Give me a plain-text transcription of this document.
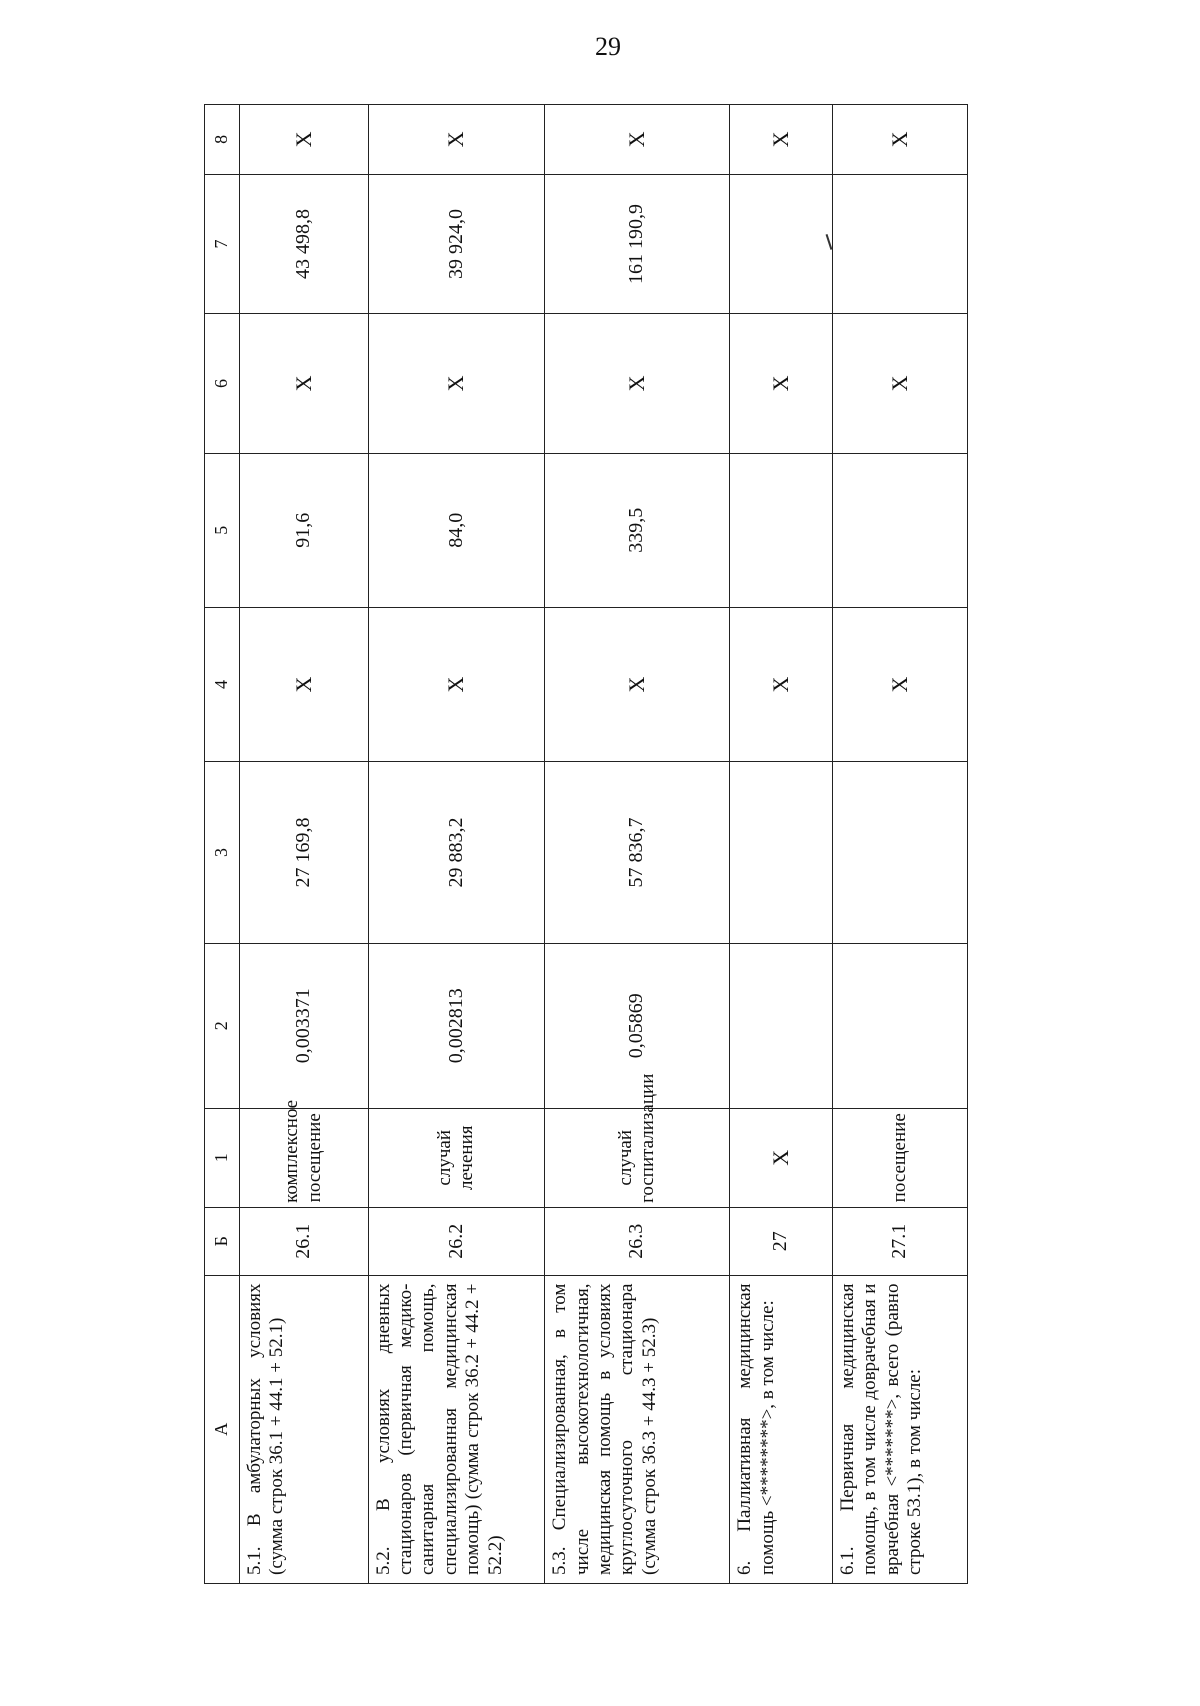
29
А	Б	1	2	3	4	5	6	7	8
5.1. В амбулаторных условиях (сумма строк 36.1 + 44.1 + 52.1)	26.1	комплексное посещение	0,003371	27 169,8	X	91,6	X	43 498,8	X
5.2. В условиях дневных стационаров (первичная медико-санитарная помощь, специализированная медицинская помощь) (сумма строк 36.2 + 44.2 + 52.2)	26.2	случай лечения	0,002813	29 883,2	X	84,0	X	39 924,0	X
5.3. Специализированная, в том числе высокотехнологичная, медицинская помощь в условиях круглосуточного стационара (сумма строк 36.3 + 44.3 + 52.3)	26.3	случай госпитализации	0,05869	57 836,7	X	339,5	X	161 190,9	X
6. Паллиативная медицинская помощь <********>, в том числе:	27	X			X		X		X
6.1. Первичная медицинская помощь, в том числе доврачебная и врачебная <*******>, всего (равно строке 53.1), в том числе:	27.1	посещение			X		X		X
